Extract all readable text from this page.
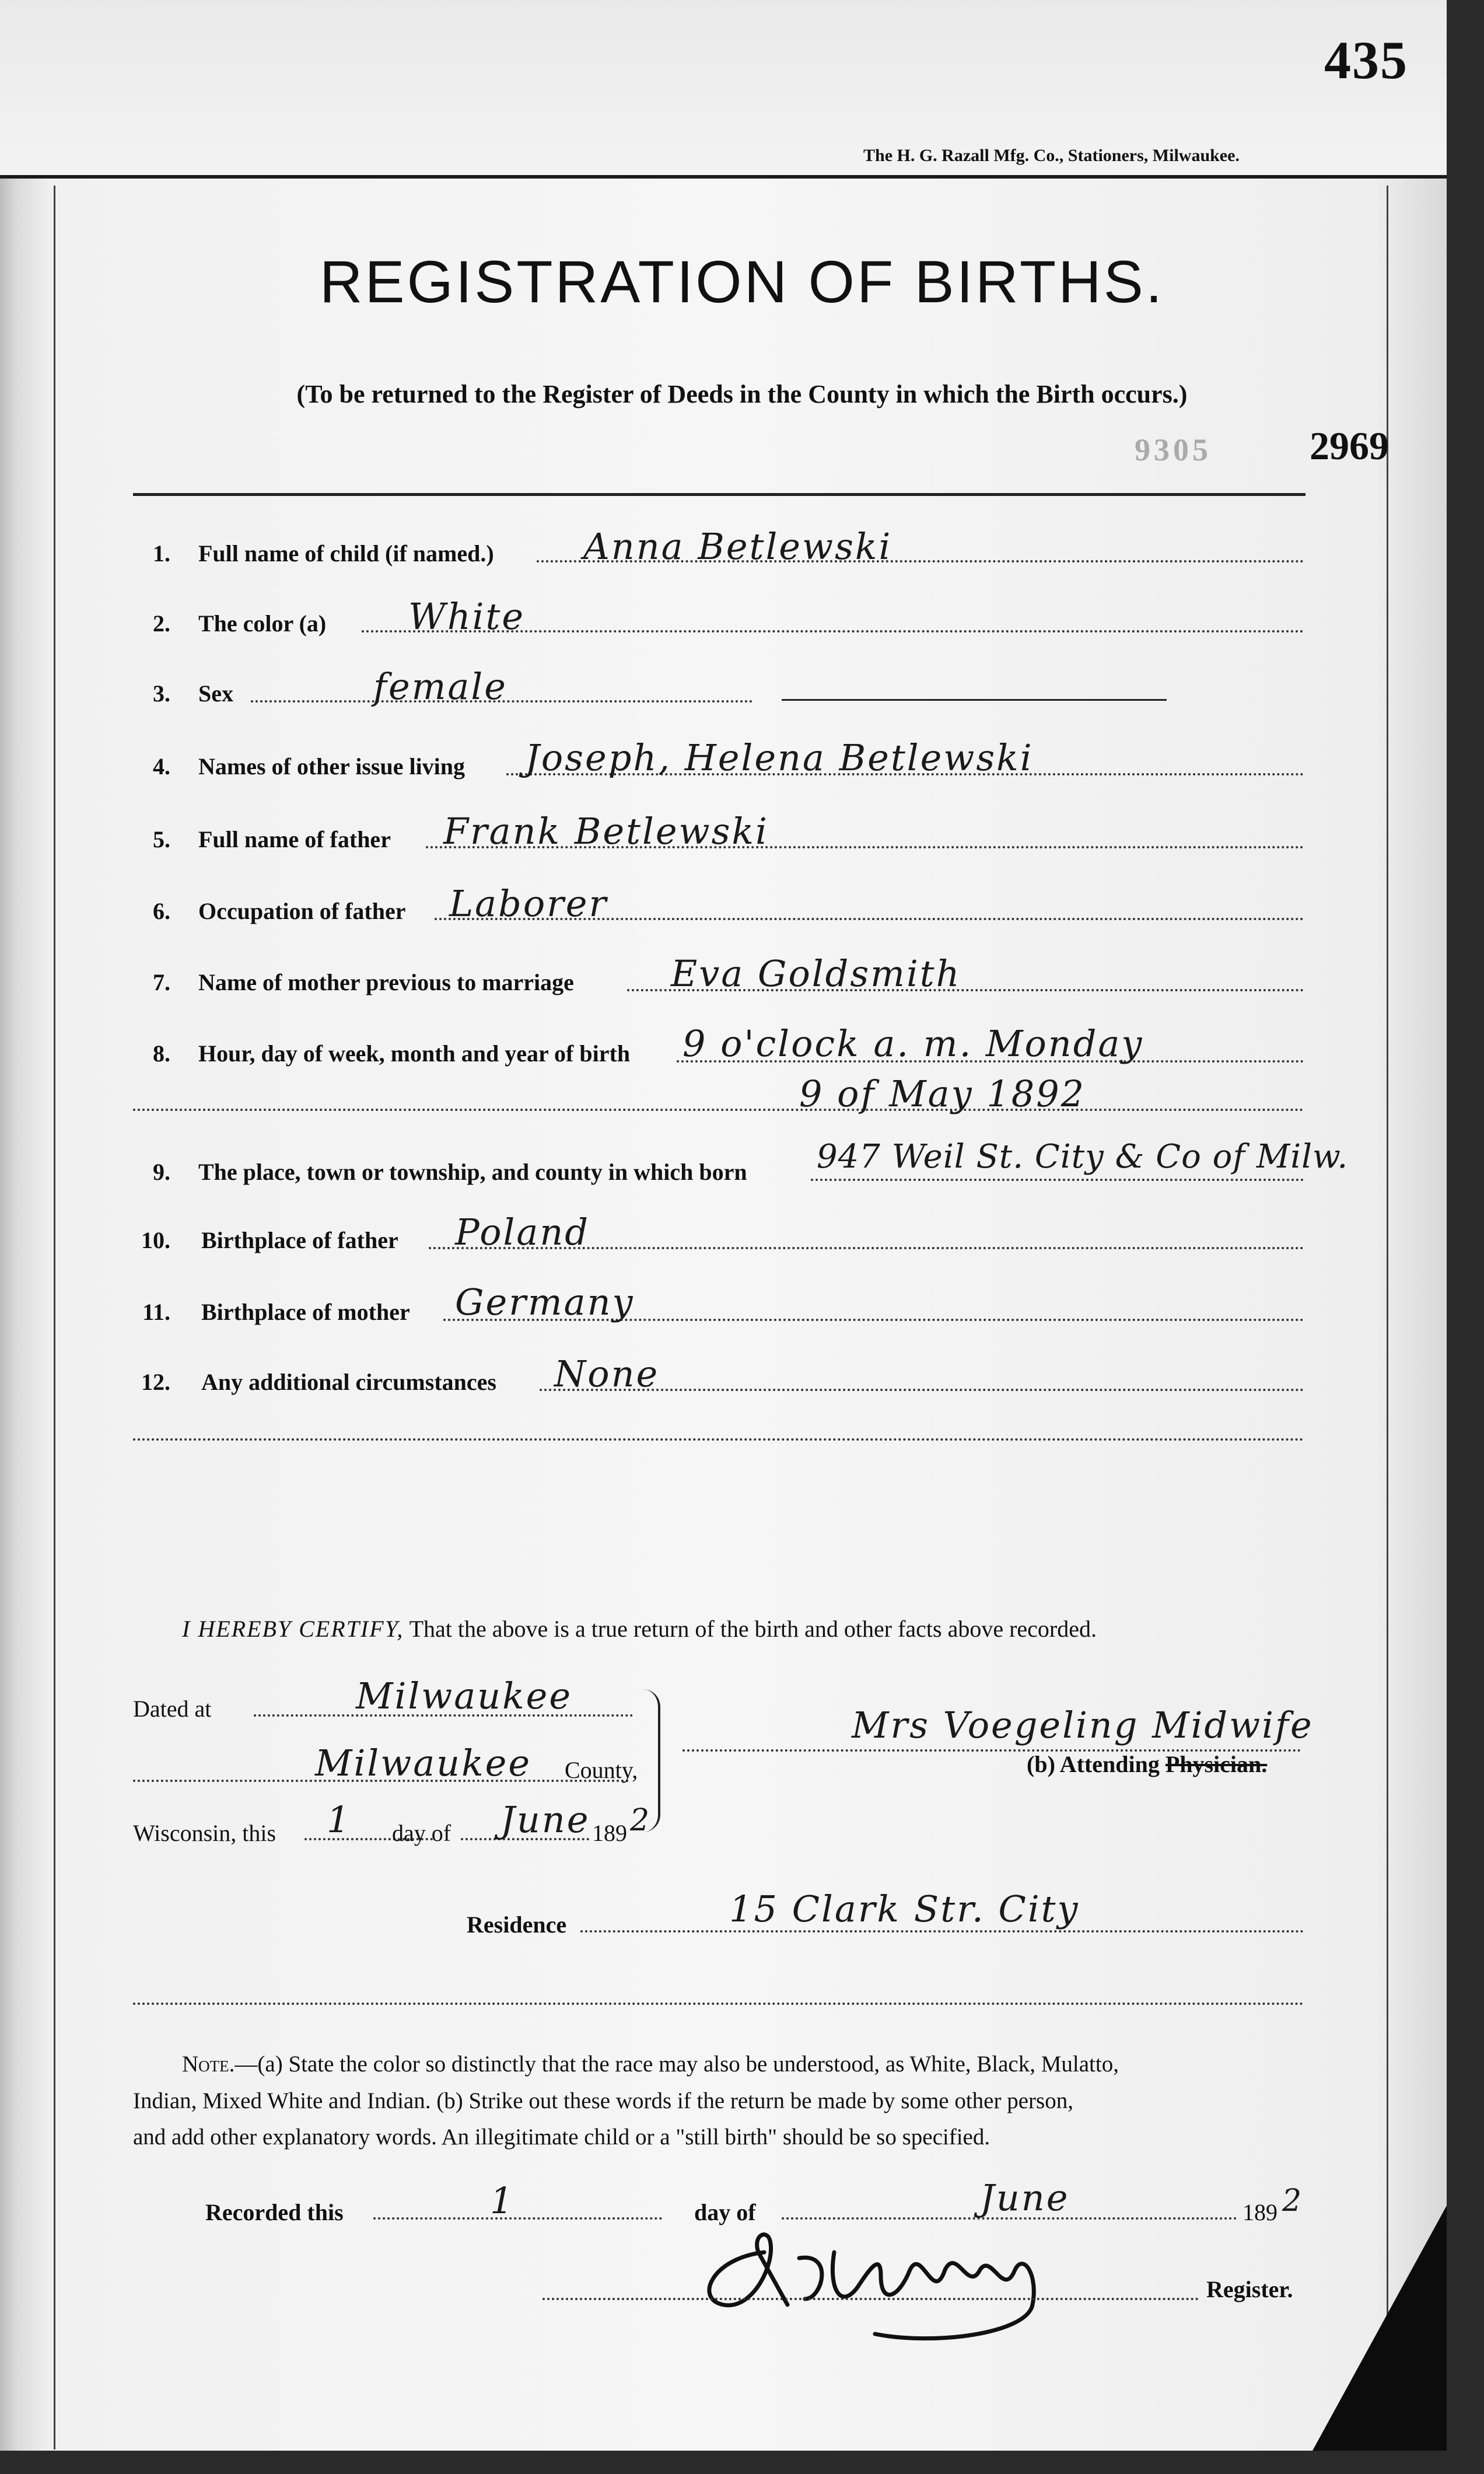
435
The H. G. Razall Mfg. Co., Stationers, Milwaukee.
REGISTRATION OF BIRTHS.
(To be returned to the Register of Deeds in the County in which the Birth occurs.)
9305 2969
1. Full name of child (if named.) Anna Betlewski
2. The color (a) White
3. Sex	female
4. Names of other issue living Joseph, Helena Betlewski
5. Full name of father Frank Betlewski
6. Occupation of father Laborer
7. Name of mother previous to marriage	Eva Goldsmith
8. Hour, day of week, month and year of birth 9 o'clock a. m. Monday
9 of May 1892
9. The place, town or township, and county in which born 947 Weil St. City & Co of Milw.
10. Birthplace of father Poland
11. Birthplace of mother Germany
12. Any additional circumstances None
I HEREBY CERTIFY, That the above is a true return of the birth and other facts above recorded.
Dated at	Milwaukee
Milwaukee County,
Wisconsin, this 1 day of June 189 2
Mrs Voegeling Midwife
(b) Attending Physician.
Residence	15 Clark Str. City
Note.—(a) State the color so distinctly that the race may also be understood, as White, Black, Mulatto,
Indian, Mixed White and Indian. (b) Strike out these words if the return be made by some other person,
and add other explanatory words. An illegitimate child or a "still birth" should be so specified.
Recorded this	1	day of	June	189 2
Register.
